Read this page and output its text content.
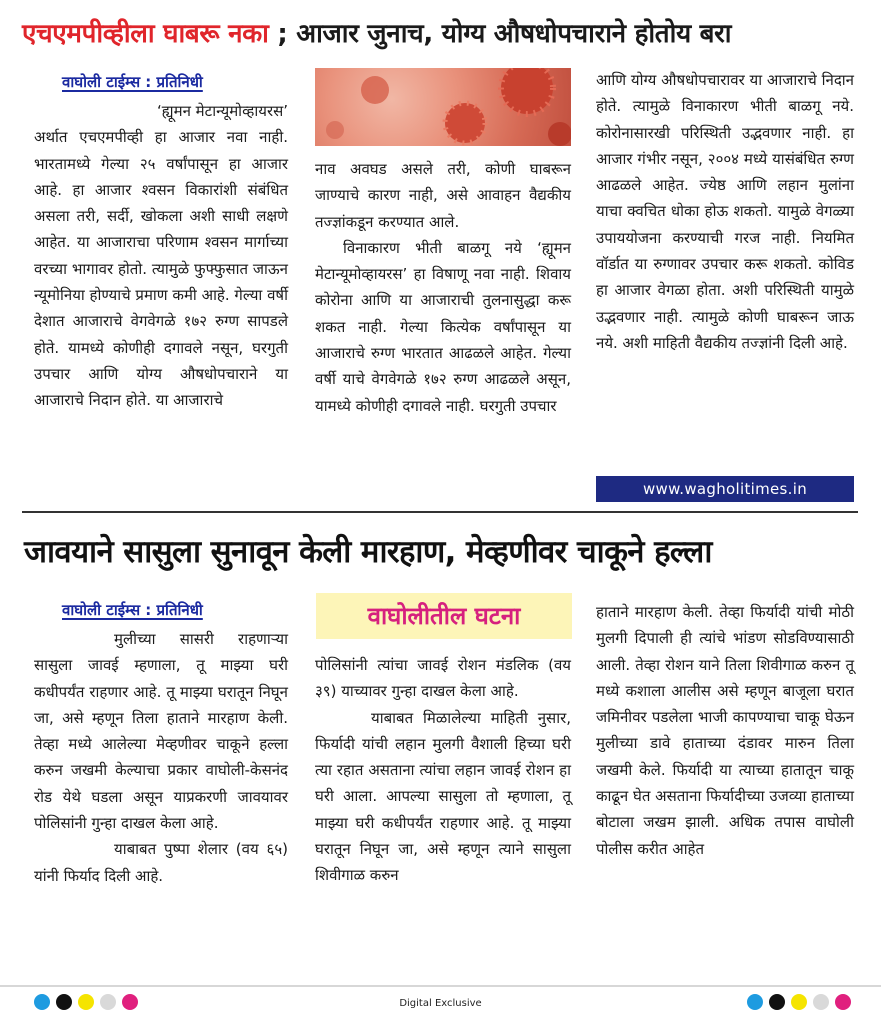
एचएमपीव्हीला घाबरू नका ; आजार जुनाच, योग्य औषधोपचाराने होतोय बरा
वाघोली टाईम्स : प्रतिनिधी

‘ह्यूमन मेटान्यूमोव्हायरस’

अर्थात एचएमपीव्ही हा आजार नवा नाही. भारतामध्ये गेल्या २५ वर्षांपासून हा आजार आहे. हा आजार श्वसन विकारांशी संबंधित असला तरी, सर्दी, खोकला अशी साधी लक्षणे आहेत. या आजाराचा परिणाम श्वसन मार्गाच्या वरच्या भागावर होतो. त्यामुळे फुफ्फुसात जाऊन न्यूमोनिया होण्याचे प्रमाण कमी आहे. गेल्या वर्षी देशात आजाराचे वेगवेगळे १७२ रुग्ण सापडले होते. यामध्ये कोणीही दगावले नसून, घरगुती उपचार आणि योग्य औषधोपचाराने या आजाराचे निदान होते. या आजाराचे

नाव अवघड असले तरी, कोणी घाबरून जाण्याचे कारण नाही, असे आवाहन वैद्यकीय तज्ज्ञांकडून करण्यात आले.

विनाकारण भीती बाळगू नये ‘ह्यूमन मेटान्यूमोव्हायरस’ हा विषाणू नवा नाही. शिवाय कोरोना आणि या आजाराची तुलनासुद्धा करू शकत नाही. गेल्या कित्येक वर्षांपासून या आजाराचे रुग्ण भारतात आढळले आहेत. गेल्या वर्षी याचे वेगवेगळे १७२ रुग्ण आढळले असून, यामध्ये कोणीही दगावले नाही. घरगुती उपचार

आणि योग्य औषधोपचारावर या आजाराचे निदान होते. त्यामुळे विनाकारण भीती बाळगू नये. कोरोनासारखी परिस्थिती उद्भवणार नाही. हा आजार गंभीर नसून, २००४ मध्ये यासंबंधित रुग्ण आढळले आहेत. ज्येष्ठ आणि लहान मुलांना याचा क्वचित धोका होऊ शकतो. यामुळे वेगळ्या उपाययोजना करण्याची गरज नाही. नियमित वॉर्डात या रुग्णावर उपचार करू शकतो. कोविड हा आजार वेगळा होता. अशी परिस्थिती यामुळे उद्भवणार नाही. त्यामुळे कोणी घाबरून जाऊ नये. अशी माहिती वैद्यकीय तज्ज्ञांनी दिली आहे.

www.wagholitimes.in
जावयाने सासुला सुनावून केली मारहाण, मेव्हणीवर चाकूने हल्ला
वाघोली टाईम्स : प्रतिनिधी

मुलीच्या सासरी राहणाऱ्या सासुला जावई म्हणाला, तू माझ्या घरी कधीपर्यंत राहणार आहे. तू माझ्या घरातून निघून जा, असे म्हणून तिला हाताने मारहाण केली. तेव्हा मध्ये आलेल्या मेव्हणीवर चाकूने हल्ला करुन जखमी केल्याचा प्रकार वाघोली-केसनंद रोड येथे घडला असून याप्रकरणी जावयावर पोलिसांनी गुन्हा दाखल केला आहे.

याबाबत पुष्पा शेलार (वय ६५) यांनी फिर्याद दिली आहे.

वाघोलीतील घटना

पोलिसांनी त्यांचा जावई रोशन मंडलिक (वय ३९) याच्यावर गुन्हा दाखल केला आहे.

याबाबत मिळालेल्या माहिती नुसार, फिर्यादी यांची लहान मुलगी वैशाली हिच्या घरी त्या रहात असताना त्यांचा लहान जावई रोशन हा घरी आला. आपल्या सासुला तो म्हणाला, तू माझ्या घरी कधीपर्यंत राहणार आहे. तू माझ्या घरातून निघून जा, असे म्हणून त्याने सासुला शिवीगाळ करुन

हाताने मारहाण केली. तेव्हा फिर्यादी यांची मोठी मुलगी दिपाली ही त्यांचे भांडण सोडविण्यासाठी आली. तेव्हा रोशन याने तिला शिवीगाळ करुन तू मध्ये कशाला आलीस असे म्हणून बाजूला घरात जमिनीवर पडलेला भाजी कापण्याचा चाकू घेऊन मुलीच्या डावे हाताच्या दंडावर मारुन तिला जखमी केले. फिर्यादी या त्याच्या हातातून चाकू काढून घेत असताना फिर्यादीच्या उजव्या हाताच्या बोटाला जखम झाली. अधिक तपास वाघोली पोलीस करीत आहेत

Digital Exclusive
